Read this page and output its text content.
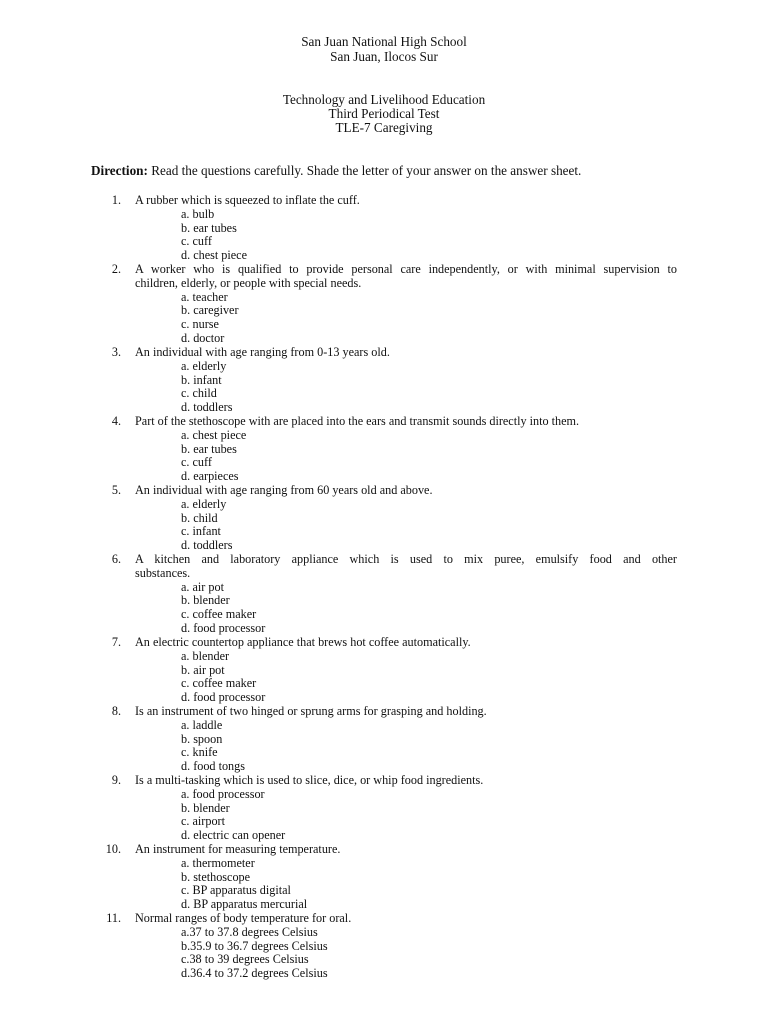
San Juan National High School
San Juan, Ilocos Sur
Technology and Livelihood Education
Third Periodical Test
TLE-7 Caregiving
Direction: Read the questions carefully. Shade the letter of your answer on the answer sheet.
1. A rubber which is squeezed to inflate the cuff.
a. bulb
b. ear tubes
c. cuff
d. chest piece
2. A worker who is qualified to provide personal care independently, or with minimal supervision to
children, elderly, or people with special needs.
a. teacher
b. caregiver
c. nurse
d. doctor
3. An individual with age ranging from 0-13 years old.
a. elderly
b. infant
c. child
d. toddlers
4. Part of the stethoscope with are placed into the ears and transmit sounds directly into them.
a. chest piece
b. ear tubes
c. cuff
d. earpieces
5. An individual with age ranging from 60 years old and above.
a. elderly
b. child
c. infant
d. toddlers
6. A kitchen and laboratory appliance which is used to mix puree, emulsify food and other
substances.
a. air pot
b. blender
c. coffee maker
d. food processor
7. An electric countertop appliance that brews hot coffee automatically.
a. blender
b. air pot
c. coffee maker
d. food processor
8. Is an instrument of two hinged or sprung arms for grasping and holding.
a. laddle
b. spoon
c. knife
d. food tongs
9. Is a multi-tasking which is used to slice, dice, or whip food ingredients.
a. food processor
b. blender
c. airport
d. electric can opener
10. An instrument for measuring temperature.
a. thermometer
b. stethoscope
c. BP apparatus digital
d. BP apparatus mercurial
11. Normal ranges of body temperature for oral.
a.37 to 37.8 degrees Celsius
b.35.9 to 36.7 degrees Celsius
c.38 to 39 degrees Celsius
d.36.4 to 37.2 degrees Celsius
